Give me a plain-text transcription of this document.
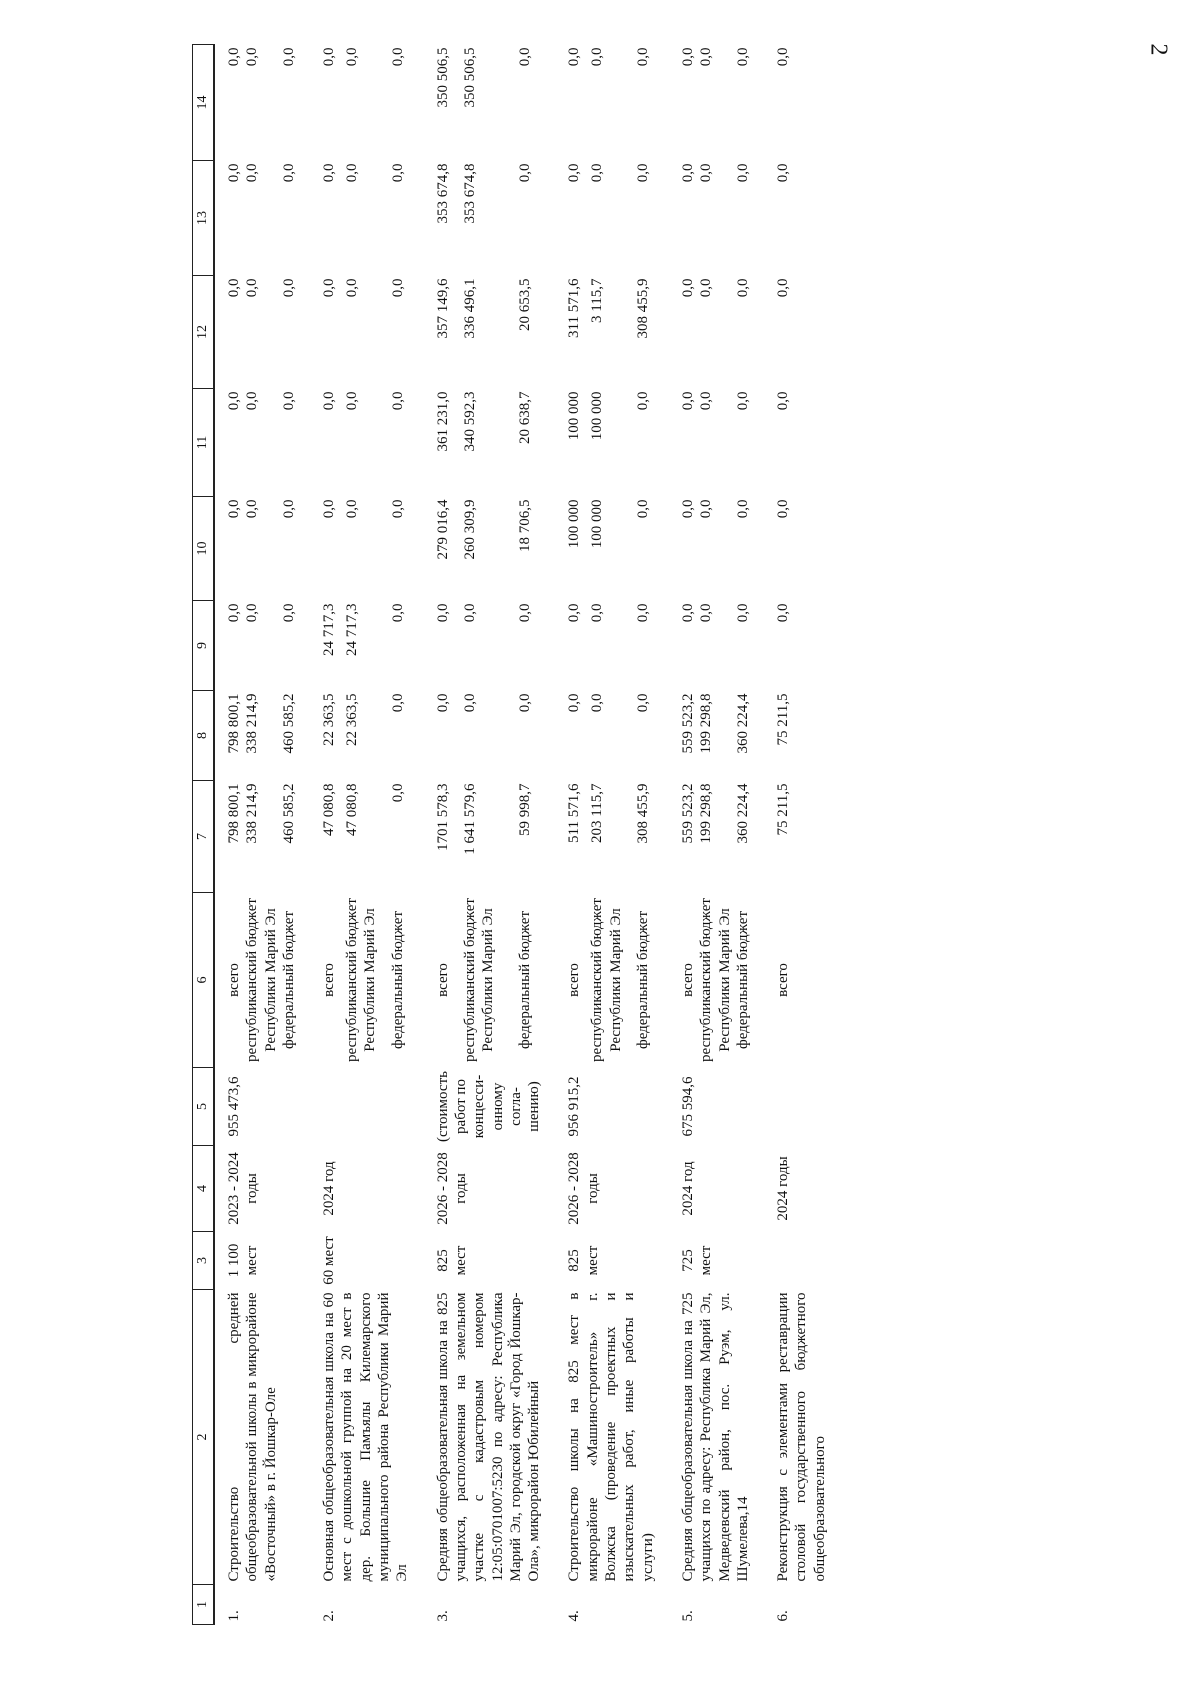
2
1	2	3	4	5	6	7	8	9	10	11	12	13	14
1.	Строительство средней общеобразовательной школы в микрорайоне «Восточный» в г. Йошкар-Оле	1 100 мест	2023 - 2024 годы	955 473,6	всего	798 800,1	798 800,1	0,0	0,0	0,0	0,0	0,0	0,0
					республиканский бюджет Республики Марий Эл	338 214,9	338 214,9	0,0	0,0	0,0	0,0	0,0	0,0
					федеральный бюджет	460 585,2	460 585,2	0,0	0,0	0,0	0,0	0,0	0,0

2.	Основная общеобразовательная школа на 60 мест с дошкольной группой на 20 мест в дер. Большие Памъялы Килемарского муниципального района Республики Марий Эл	60 мест	2024 год		всего	47 080,8	22 363,5	24 717,3	0,0	0,0	0,0	0,0	0,0
					республиканский бюджет Республики Марий Эл	47 080,8	22 363,5	24 717,3	0,0	0,0	0,0	0,0	0,0
					федеральный бюджет	0,0	0,0	0,0	0,0	0,0	0,0	0,0	0,0

3.	Средняя общеобразовательная школа на 825 учащихся, расположенная на земельном участке с кадастровым номером 12:05:0701007:5230 по адресу: Республика Марий Эл, городской округ «Город Йошкар-Ола», микрорайон Юбилейный	825 мест	2026 - 2028 годы	(стоимость работ по концесси-онному согла-шению)	всего	1701 578,3	0,0	0,0	279 016,4	361 231,0	357 149,6	353 674,8	350 506,5
					республиканский бюджет Республики Марий Эл	1 641 579,6	0,0	0,0	260 309,9	340 592,3	336 496,1	353 674,8	350 506,5
					федеральный бюджет	59 998,7	0,0	0,0	18 706,5	20 638,7	20 653,5	0,0	0,0

4.	Строительство школы на 825 мест в микрорайоне «Машиностроитель» г. Волжска (проведение проектных и изыскательных работ, иные работы и услуги)	825 мест	2026 - 2028 годы	956 915,2	всего	511 571,6	0,0	0,0	100 000	100 000	311 571,6	0,0	0,0
					республиканский бюджет Республики Марий Эл	203 115,7	0,0	0,0	100 000	100 000	3 115,7	0,0	0,0
					федеральный бюджет	308 455,9	0,0	0,0	0,0	0,0	308 455,9	0,0	0,0

5.	Средняя общеобразовательная школа на 725 учащихся по адресу: Республика Марий Эл, Медведевский район, пос. Руэм, ул. Шумелева,14	725 мест	2024 год	675 594,6	всего	559 523,2	559 523,2	0,0	0,0	0,0	0,0	0,0	0,0
					республиканский бюджет Республики Марий Эл	199 298,8	199 298,8	0,0	0,0	0,0	0,0	0,0	0,0
					федеральный бюджет	360 224,4	360 224,4	0,0	0,0	0,0	0,0	0,0	0,0

6.	Реконструкция с элементами реставрации столовой государственного бюджетного общеобразовательного		2024 годы		всего	75 211,5	75 211,5	0,0	0,0	0,0	0,0	0,0	0,0
